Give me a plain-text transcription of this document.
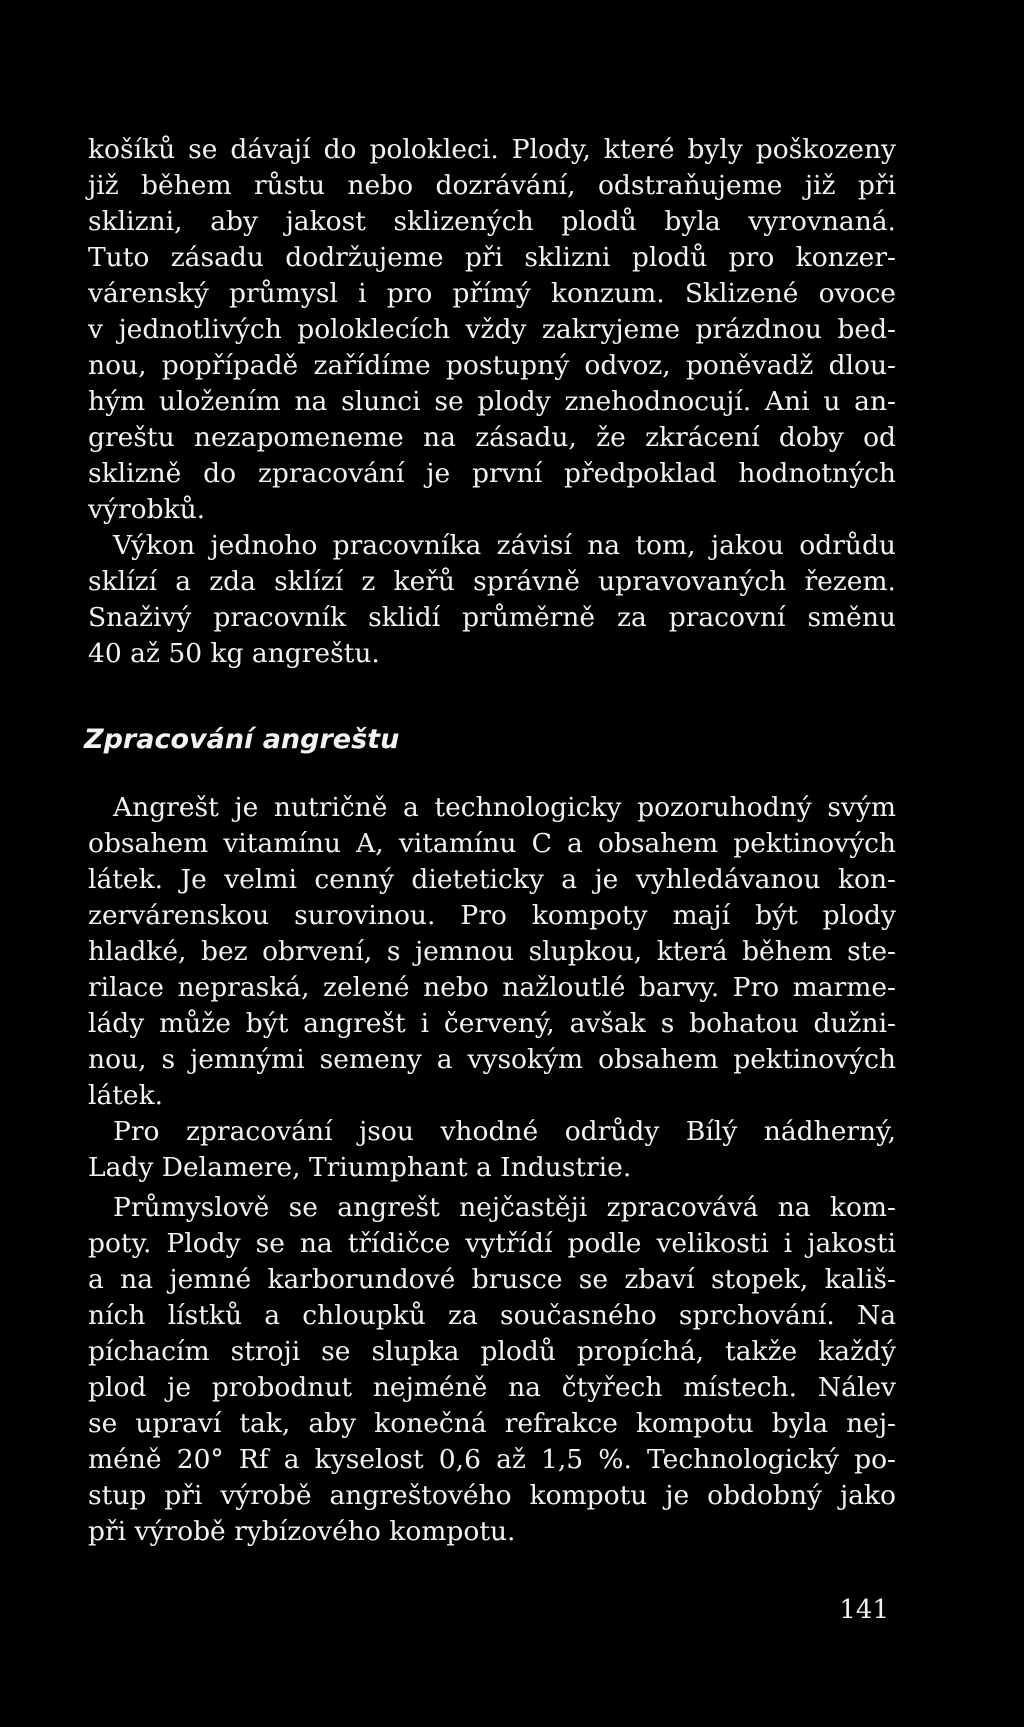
košíků se dávají do polokleci. Plody, které byly poškozeny
již během růstu nebo dozrávání, odstraňujeme již při
sklizni, aby jakost sklizených plodů byla vyrovnaná.
Tuto zásadu dodržujeme při sklizni plodů pro konzer-
várenský průmysl i pro přímý konzum. Sklizené ovoce
v jednotlivých poloklecích vždy zakryjeme prázdnou bed-
nou, popřípadě zařídíme postupný odvoz, poněvadž dlou-
hým uložením na slunci se plody znehodnocují. Ani u an-
greštu nezapomeneme na zásadu, že zkrácení doby od
sklizně do zpracování je první předpoklad hodnotných
výrobků.
Výkon jednoho pracovníka závisí na tom, jakou odrůdu
sklízí a zda sklízí z keřů správně upravovaných řezem.
Snaživý pracovník sklidí průměrně za pracovní směnu
40 až 50 kg angreštu.
Zpracování angreštu
Angrešt je nutričně a technologicky pozoruhodný svým
obsahem vitamínu A, vitamínu C a obsahem pektinových
látek. Je velmi cenný dieteticky a je vyhledávanou kon-
zervárenskou surovinou. Pro kompoty mají být plody
hladké, bez obrvení, s jemnou slupkou, která během ste-
rilace nepraská, zelené nebo nažloutlé barvy. Pro marme-
lády může být angrešt i červený, avšak s bohatou dužni-
nou, s jemnými semeny a vysokým obsahem pektinových
látek.
Pro zpracování jsou vhodné odrůdy Bílý nádherný,
Lady Delamere, Triumphant a Industrie.
Průmyslově se angrešt nejčastěji zpracovává na kom-
poty. Plody se na třídičce vytřídí podle velikosti i jakosti
a na jemné karborundové brusce se zbaví stopek, kališ-
ních lístků a chloupků za současného sprchování. Na
píchacím stroji se slupka plodů propíchá, takže každý
plod je probodnut nejméně na čtyřech místech. Nálev
se upraví tak, aby konečná refrakce kompotu byla nej-
méně 20° Rf a kyselost 0,6 až 1,5 %. Technologický po-
stup při výrobě angreštového kompotu je obdobný jako
při výrobě rybízového kompotu.
141
